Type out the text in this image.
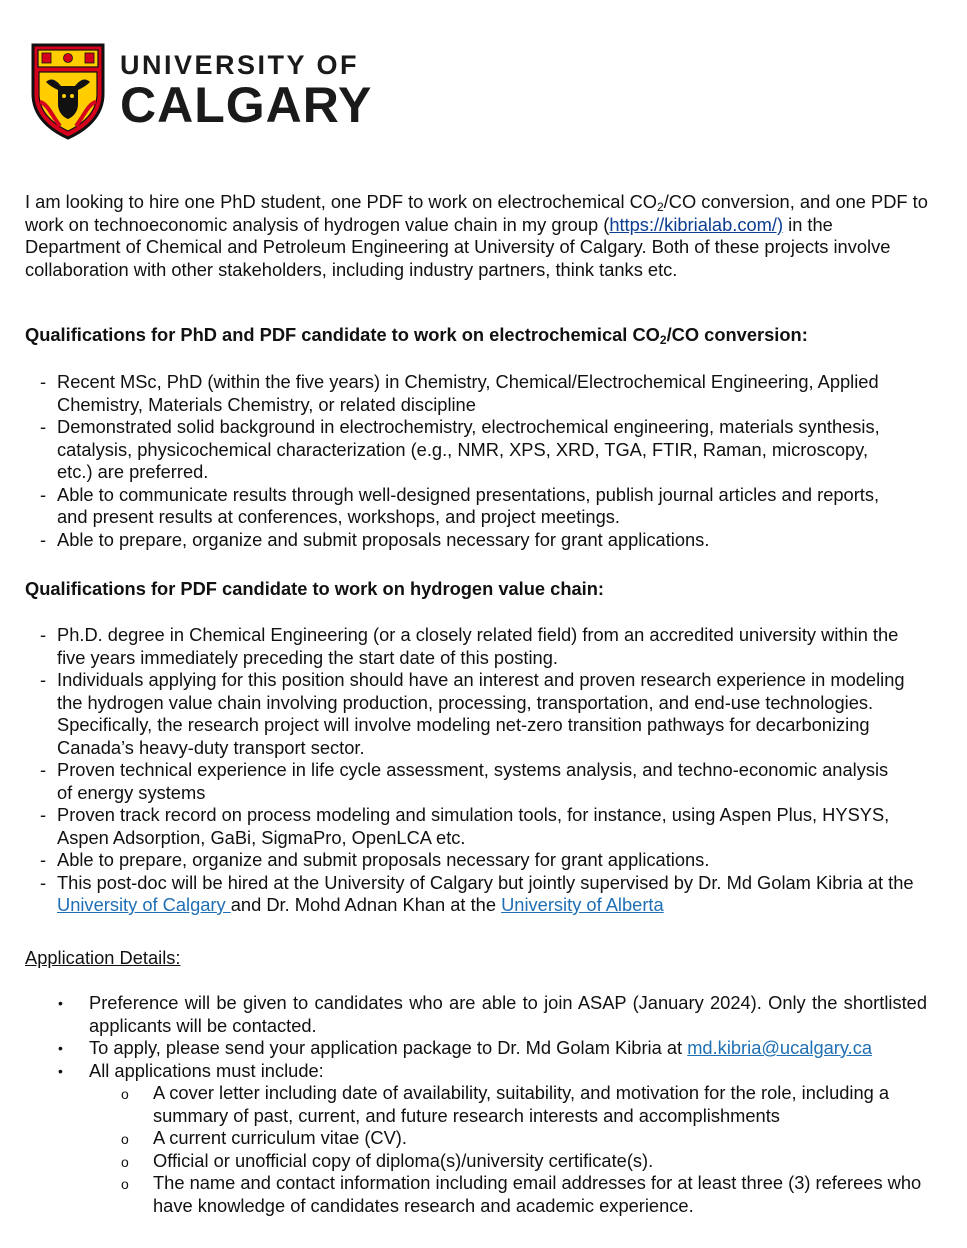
UNIVERSITY OF
CALGARY

I am looking to hire one PhD student, one PDF to work on electrochemical $CO_2/CO$ conversion, and one PDF to work on technoeconomic analysis of hydrogen value chain in my group (https://kibrialab.com/) in the Department of Chemical and Petroleum Engineering at University of Calgary. Both of these projects involve collaboration with other stakeholders, including industry partners, think tanks etc.

Qualifications for PhD and PDF candidate to work on electrochemical $CO_2/CO$ conversion:

- Recent MSc, PhD (within the five years) in Chemistry, Chemical/Electrochemical Engineering, Applied Chemistry, Materials Chemistry, or related discipline
- Demonstrated solid background in electrochemistry, electrochemical engineering, materials synthesis, catalysis, physicochemical characterization (e.g., NMR, XPS, XRD, TGA, FTIR, Raman, microscopy, etc.) are preferred.
- Able to communicate results through well-designed presentations, publish journal articles and reports, and present results at conferences, workshops, and project meetings.
- Able to prepare, organize and submit proposals necessary for grant applications.

Qualifications for PDF candidate to work on hydrogen value chain:

- Ph.D. degree in Chemical Engineering (or a closely related field) from an accredited university within the five years immediately preceding the start date of this posting.
- Individuals applying for this position should have an interest and proven research experience in modeling the hydrogen value chain involving production, processing, transportation, and end-use technologies. Specifically, the research project will involve modeling net-zero transition pathways for decarbonizing Canada’s heavy-duty transport sector.
- Proven technical experience in life cycle assessment, systems analysis, and techno-economic analysis of energy systems
- Proven track record on process modeling and simulation tools, for instance, using Aspen Plus, HYSYS, Aspen Adsorption, GaBi, SigmaPro, OpenLCA etc.
- Able to prepare, organize and submit proposals necessary for grant applications.
- This post-doc will be hired at the University of Calgary but jointly supervised by Dr. Md Golam Kibria at the University of Calgary and Dr. Mohd Adnan Khan at the University of Alberta

Application Details:

• Preference will be given to candidates who are able to join ASAP (January 2024). Only the shortlisted applicants will be contacted.
• To apply, please send your application package to Dr. Md Golam Kibria at md.kibria@ucalgary.ca
• All applications must include:
o A cover letter including date of availability, suitability, and motivation for the role, including a summary of past, current, and future research interests and accomplishments
o A current curriculum vitae (CV).
o Official or unofficial copy of diploma(s)/university certificate(s).
o The name and contact information including email addresses for at least three (3) referees who have knowledge of candidates research and academic experience.
